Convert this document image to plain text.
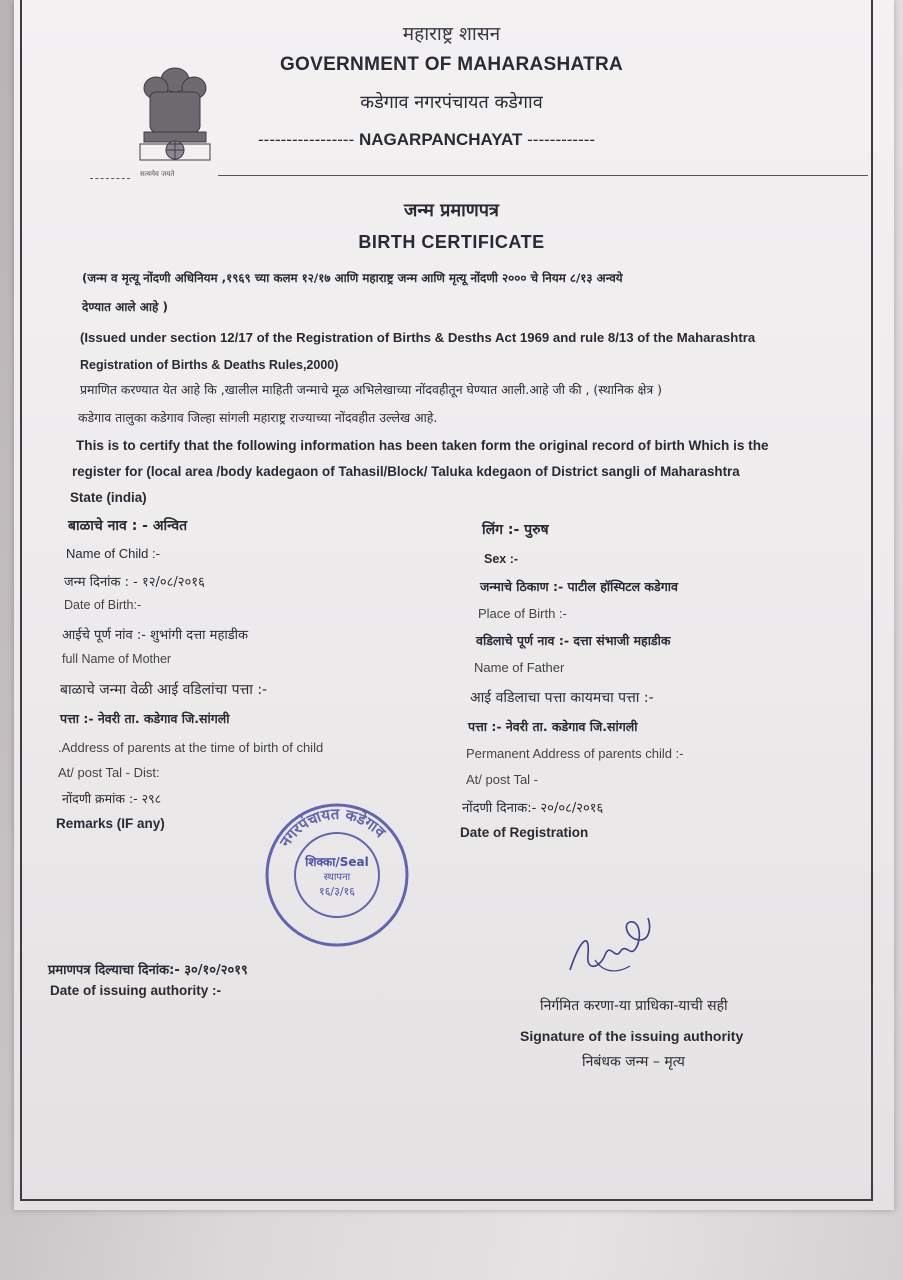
सत्यमेव जयते
महाराष्ट्र शासन
GOVERNMENT OF MAHARASHATRA
कडेगाव नगरपंचायत कडेगाव
----------------- NAGARPANCHAYAT ------------
जन्म प्रमाणपत्र
BIRTH CERTIFICATE
(जन्म व मृत्यू नोंदणी अधिनियम ,१९६९ च्या कलम १२/१७ आणि महाराष्ट्र जन्म आणि मृत्यू नोंदणी २००० चे नियम ८/१३ अन्वये
देण्यात आले आहे )
(Issued under section 12/17 of the Registration of Births & Desths Act 1969 and rule 8/13 of the Maharashtra
Registration of Births & Deaths Rules,2000)
प्रमाणित करण्यात येत आहे कि ,खालील माहिती जन्माचे मूळ अभिलेखाच्या नोंदवहीतून घेण्यात आली.आहे जी की , (स्थानिक क्षेत्र )
कडेगाव तालुका कडेगाव जिल्हा सांगली महाराष्ट्र राज्याच्या नोंदवहीत उल्लेख आहे.
This is to certify that the following information has been taken form the original record of birth Which is the
register for (local area /body kadegaon of Tahasil/Block/ Taluka kdegaon of District sangli of Maharashtra
State (india)
बाळाचे नाव : - अन्वित
Name of Child :-
जन्म दिनांक : - १२/०८/२०१६
Date of Birth:-
आईचे पूर्ण नांव :- शुभांगी दत्ता महाडीक
full Name of Mother
बाळाचे जन्मा वेळी आई वडिलांचा पत्ता :-
पत्ता :- नेवरी ता. कडेगाव जि.सांगली
.Address of parents at the time of birth of child
At/ post Tal - Dist:
नोंदणी क्रमांक :- २९८
Remarks (IF any)
लिंग :- पुरुष
Sex :-
जन्माचे ठिकाण :- पाटील हॉस्पिटल कडेगाव
Place of Birth :-
वडिलाचे पूर्ण नाव :- दत्ता संभाजी महाडीक
Name of Father
आई वडिलाचा पत्ता कायमचा पत्ता :-
पत्ता :- नेवरी ता. कडेगाव जि.सांगली
Permanent Address of parents child :-
At/ post Tal -
नोंदणी दिनाक:- २०/०८/२०१६
Date of Registration
नगरपंचायत कडेगाव
शिक्का/Seal
स्थापना
१६/३/१६
प्रमाणपत्र दिल्याचा दिनांक:- ३०/१०/२०१९
Date of issuing authority :-
निर्गमित करणा-या प्राधिका-याची सही
Signature of the issuing authority
निबंधक जन्म – मृत्य
